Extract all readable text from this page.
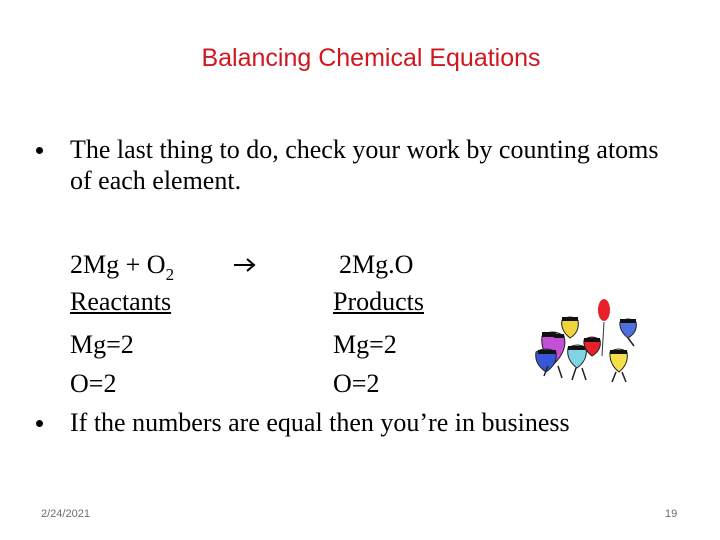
Balancing Chemical Equations
The last thing to do, check your work by counting atoms of each element.
$2Mg + O_2$	2Mg.O
Reactants	Products
Mg=2	Mg=2
O=2	O=2
If the numbers are equal then you’re in business
2/24/2021	19
